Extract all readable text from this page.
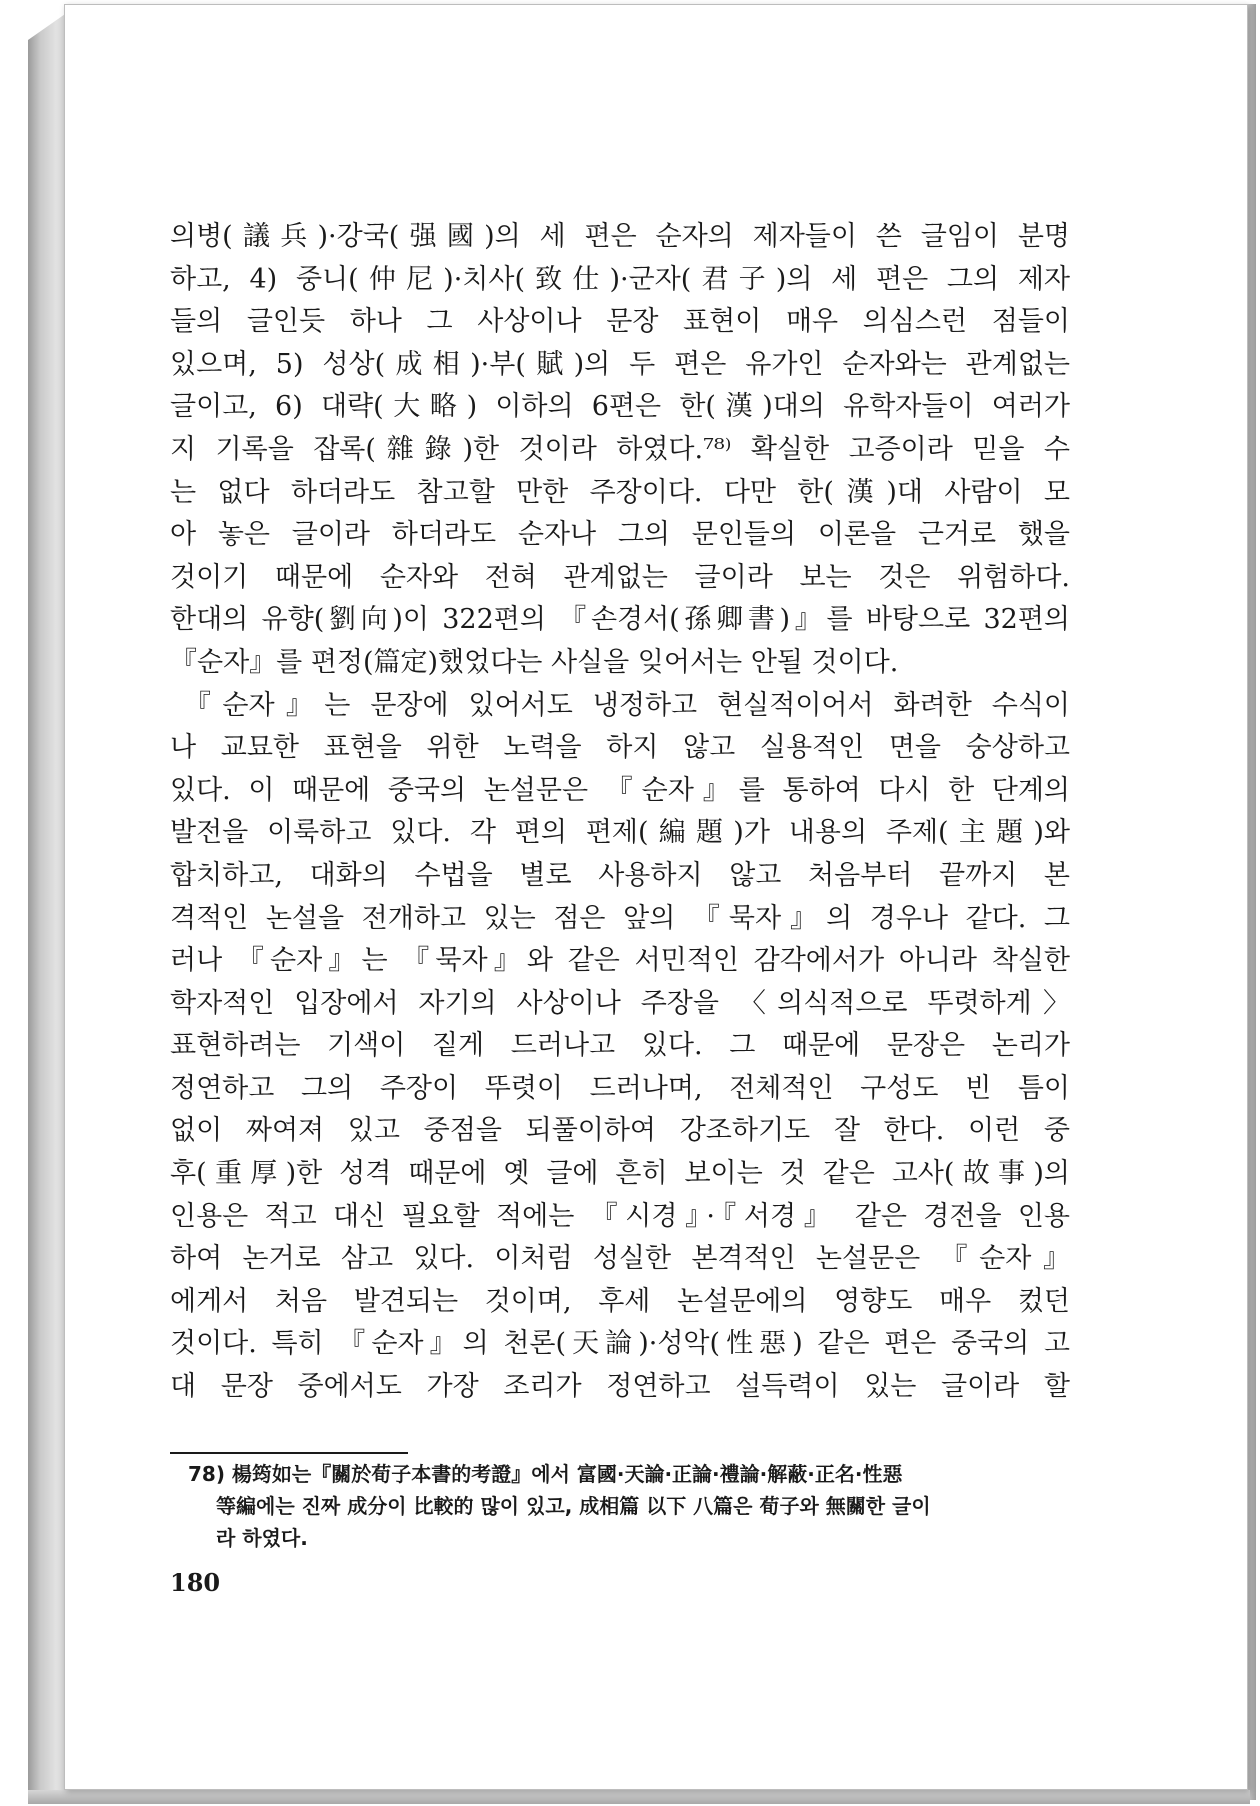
의병(議兵)·강국(强國)의 세 편은 순자의 제자들이 쓴 글임이 분명
하고, 4) 중니(仲尼)·치사(致仕)·군자(君子)의 세 편은 그의 제자
들의 글인듯 하나 그 사상이나 문장 표현이 매우 의심스런 점들이
있으며, 5) 성상(成相)·부(賦)의 두 편은 유가인 순자와는 관계없는
글이고, 6) 대략(大略) 이하의 6편은 한(漢)대의 유학자들이 여러가
지 기록을 잡록(雜錄)한 것이라 하였다.⁷⁸⁾ 확실한 고증이라 믿을 수
는 없다 하더라도 참고할 만한 주장이다. 다만 한(漢)대 사람이 모
아 놓은 글이라 하더라도 순자나 그의 문인들의 이론을 근거로 했을
것이기 때문에 순자와 전혀 관계없는 글이라 보는 것은 위험하다.
한대의 유향(劉向)이 322편의 『손경서(孫卿書)』를 바탕으로 32편의
『순자』를 편정(篇定)했었다는 사실을 잊어서는 안될 것이다.
『순자』는 문장에 있어서도 냉정하고 현실적이어서 화려한 수식이
나 교묘한 표현을 위한 노력을 하지 않고 실용적인 면을 숭상하고
있다. 이 때문에 중국의 논설문은 『순자』를 통하여 다시 한 단계의
발전을 이룩하고 있다. 각 편의 편제(編題)가 내용의 주제(主題)와
합치하고, 대화의 수법을 별로 사용하지 않고 처음부터 끝까지 본
격적인 논설을 전개하고 있는 점은 앞의 『묵자』의 경우나 같다. 그
러나 『순자』는 『묵자』와 같은 서민적인 감각에서가 아니라 착실한
학자적인 입장에서 자기의 사상이나 주장을 〈의식적으로 뚜렷하게〉
표현하려는 기색이 짙게 드러나고 있다. 그 때문에 문장은 논리가
정연하고 그의 주장이 뚜렷이 드러나며, 전체적인 구성도 빈 틈이
없이 짜여져 있고 중점을 되풀이하여 강조하기도 잘 한다. 이런 중
후(重厚)한 성격 때문에 옛 글에 흔히 보이는 것 같은 고사(故事)의
인용은 적고 대신 필요할 적에는 『시경』·『서경』 같은 경전을 인용
하여 논거로 삼고 있다. 이처럼 성실한 본격적인 논설문은 『순자』
에게서 처음 발견되는 것이며, 후세 논설문에의 영향도 매우 컸던
것이다. 특히 『순자』의 천론(天論)·성악(性惡) 같은 편은 중국의 고
대 문장 중에서도 가장 조리가 정연하고 설득력이 있는 글이라 할
78) 楊筠如는『關於荀子本書的考證』에서 富國·天論·正論·禮論·解蔽·正名·性惡
等編에는 진짜 成分이 比較的 많이 있고, 成相篇 以下 八篇은 荀子와 無關한 글이
라 하였다.
180
